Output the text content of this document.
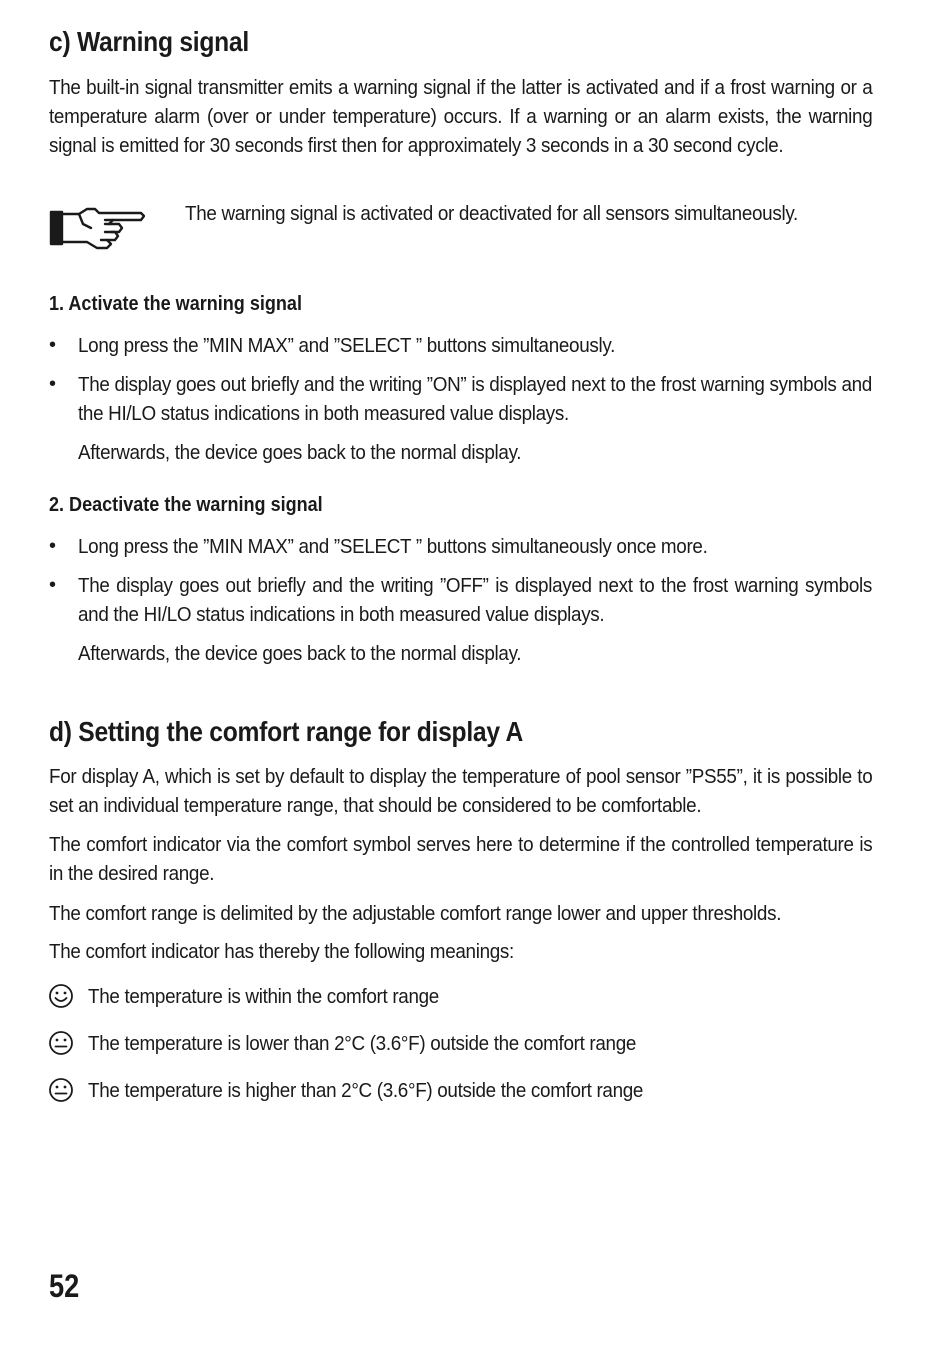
c) Warning signal

The built-in signal transmitter emits a warning signal if the latter is activated and if a frost warning or a temperature alarm (over or under temperature) occurs. If a warning or an alarm exists, the warning signal is emitted for 30 seconds first then for approximately 3 seconds in a 30 second cycle.

The warning signal is activated or deactivated for all sensors simultaneously.

1. Activate the warning signal
• Long press the ”MIN MAX” and ”SELECT ” buttons simultaneously.

• The display goes out briefly and the writing ”ON” is displayed next to the frost warning symbols and the HI/LO status indications in both measured value displays.

Afterwards, the device goes back to the normal display.

2. Deactivate the warning signal
• Long press the ”MIN MAX” and ”SELECT ” buttons simultaneously once more.

• The display goes out briefly and the writing ”OFF” is displayed next to the frost warning symbols and the HI/LO status indications in both measured value displays.

Afterwards, the device goes back to the normal display.

d) Setting the comfort range for display A

For display A, which is set by default to display the temperature of pool sensor ”PS55”, it is possible to set an individual temperature range, that should be considered to be comfortable.

The comfort indicator via the comfort symbol serves here to determine if the controlled temperature is in the desired range.

The comfort range is delimited by the adjustable comfort range lower and upper thresholds.

The comfort indicator has thereby the following meanings:

The temperature is within the comfort range

The temperature is lower than 2°C (3.6°F) outside the comfort range

The temperature is higher than 2°C (3.6°F) outside the comfort range

52
